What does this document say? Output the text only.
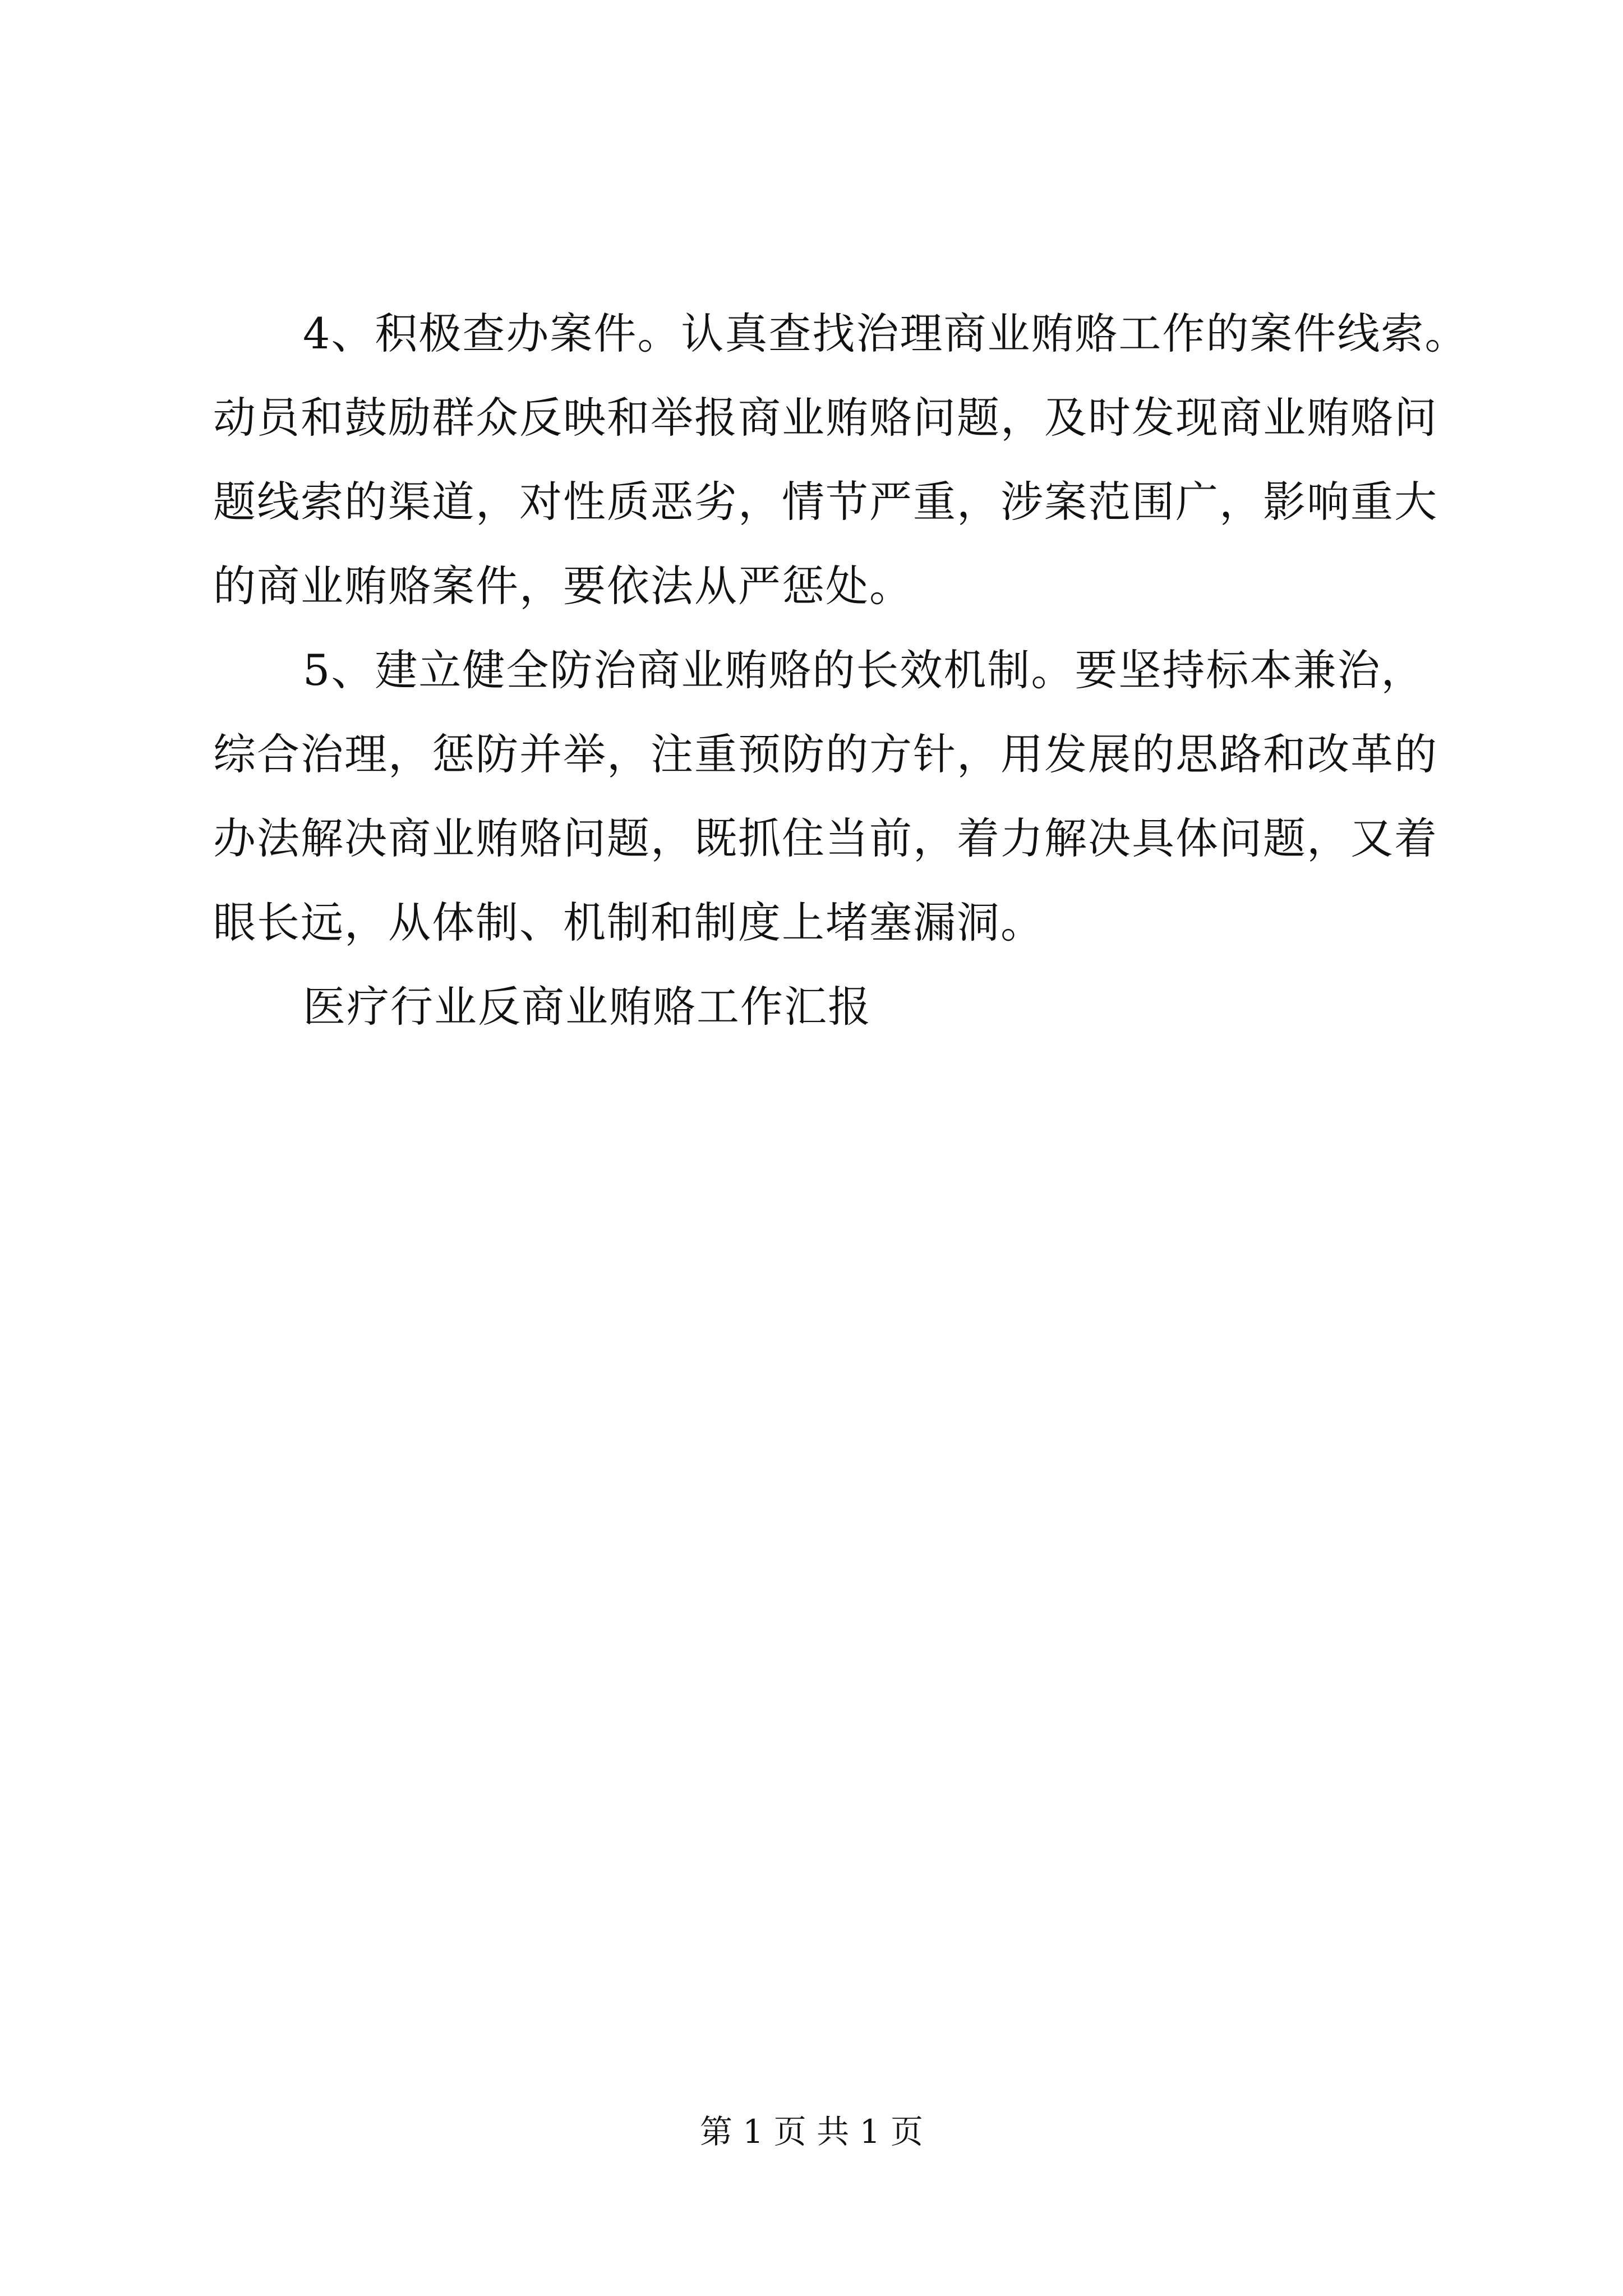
4、积极查办案件。认真查找治理商业贿赂工作的案件线索。
动员和鼓励群众反映和举报商业贿赂问题，及时发现商业贿赂问
题线索的渠道，对性质恶劣，情节严重，涉案范围广，影响重大
的商业贿赂案件，要依法从严惩处。
5、建立健全防治商业贿赂的长效机制。要坚持标本兼治，
综合治理，惩防并举，注重预防的方针，用发展的思路和改革的
办法解决商业贿赂问题，既抓住当前，着力解决具体问题，又着
眼长远，从体制、机制和制度上堵塞漏洞。
医疗行业反商业贿赂工作汇报
第 1 页 共 1 页
